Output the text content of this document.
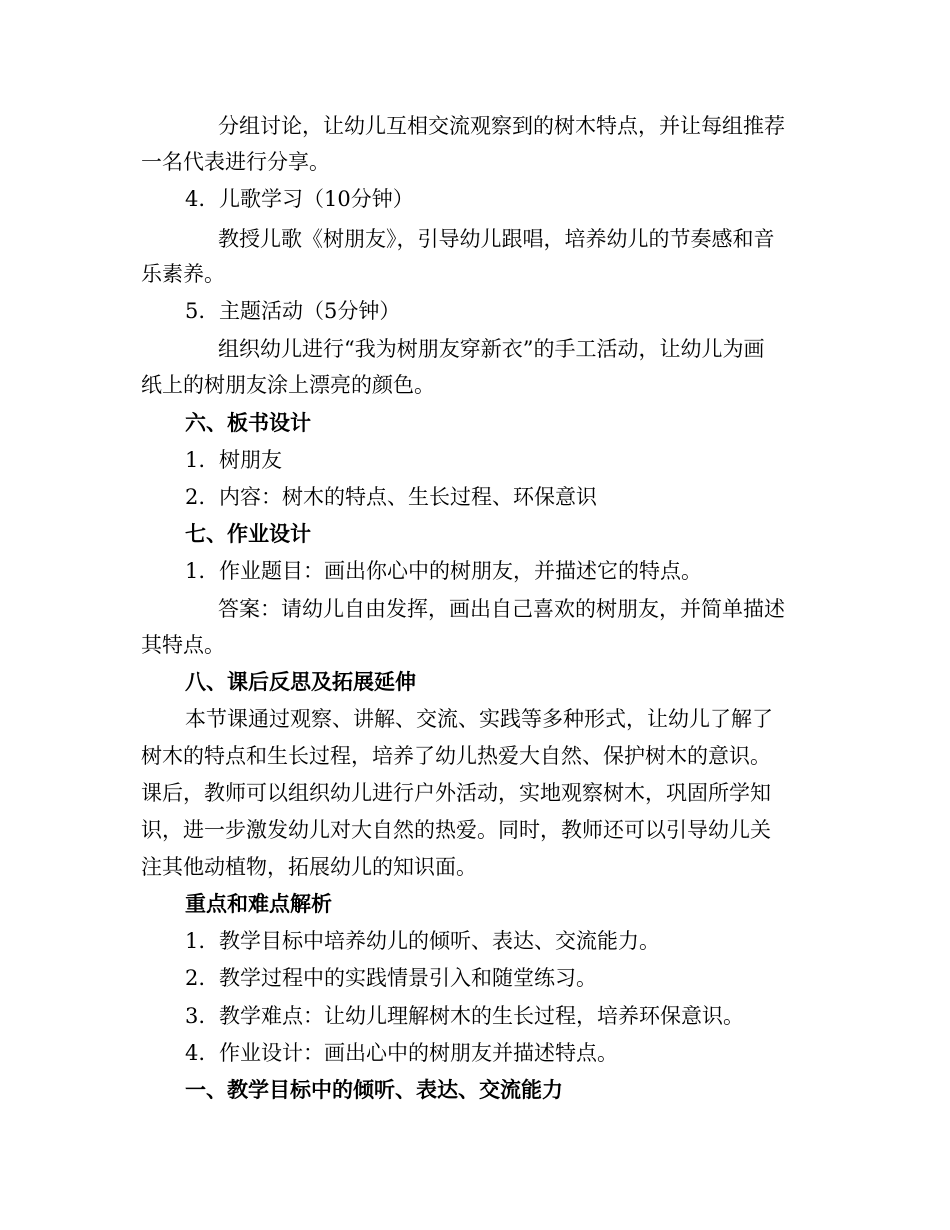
分组讨论，让幼儿互相交流观察到的树木特点，并让每组推荐
一名代表进行分享。
4. 儿歌学习（10分钟）
教授儿歌《树朋友》，引导幼儿跟唱，培养幼儿的节奏感和音
乐素养。
5. 主题活动（5分钟）
组织幼儿进行“我为树朋友穿新衣”的手工活动，让幼儿为画
纸上的树朋友涂上漂亮的颜色。
六、板书设计
1. 树朋友
2. 内容：树木的特点、生长过程、环保意识
七、作业设计
1. 作业题目：画出你心中的树朋友，并描述它的特点。
答案：请幼儿自由发挥，画出自己喜欢的树朋友，并简单描述
其特点。
八、课后反思及拓展延伸
本节课通过观察、讲解、交流、实践等多种形式，让幼儿了解了
树木的特点和生长过程，培养了幼儿热爱大自然、保护树木的意识。
课后，教师可以组织幼儿进行户外活动，实地观察树木，巩固所学知
识，进一步激发幼儿对大自然的热爱。同时，教师还可以引导幼儿关
注其他动植物，拓展幼儿的知识面。
重点和难点解析
1. 教学目标中培养幼儿的倾听、表达、交流能力。
2. 教学过程中的实践情景引入和随堂练习。
3. 教学难点：让幼儿理解树木的生长过程，培养环保意识。
4. 作业设计：画出心中的树朋友并描述特点。
一、教学目标中的倾听、表达、交流能力
